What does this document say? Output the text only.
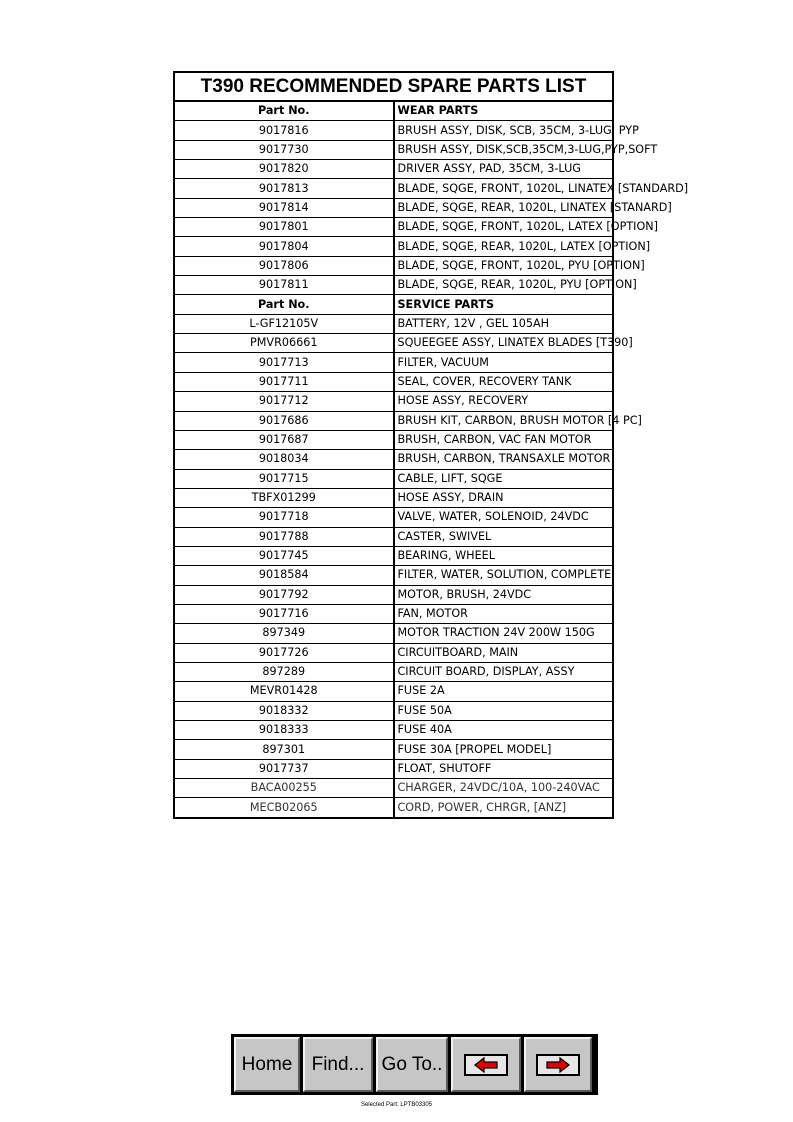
T390 RECOMMENDED SPARE PARTS LIST	
Part No.	WEAR PARTS
9017816	BRUSH ASSY, DISK, SCB, 35CM, 3-LUG, PYP
9017730	BRUSH ASSY, DISK,SCB,35CM,3-LUG,PYP,SOFT
9017820	DRIVER ASSY, PAD, 35CM, 3-LUG
9017813	BLADE, SQGE, FRONT, 1020L, LINATEX [STANDARD]
9017814	BLADE, SQGE, REAR, 1020L, LINATEX [STANARD]
9017801	BLADE, SQGE, FRONT, 1020L, LATEX [OPTION]
9017804	BLADE, SQGE, REAR, 1020L, LATEX [OPTION]
9017806	BLADE, SQGE, FRONT, 1020L, PYU [OPTION]
9017811	BLADE, SQGE, REAR, 1020L, PYU [OPTION]
Part No.	SERVICE PARTS
L-GF12105V	BATTERY, 12V , GEL 105AH
PMVR06661	SQUEEGEE ASSY, LINATEX BLADES [T390]
9017713	FILTER, VACUUM
9017711	SEAL, COVER, RECOVERY TANK
9017712	HOSE ASSY, RECOVERY
9017686	BRUSH KIT, CARBON, BRUSH MOTOR [4 PC]
9017687	BRUSH, CARBON, VAC FAN MOTOR
9018034	BRUSH, CARBON, TRANSAXLE MOTOR
9017715	CABLE, LIFT, SQGE
TBFX01299	HOSE ASSY, DRAIN
9017718	VALVE, WATER, SOLENOID, 24VDC
9017788	CASTER, SWIVEL
9017745	BEARING, WHEEL
9018584	FILTER, WATER, SOLUTION, COMPLETE
9017792	MOTOR, BRUSH, 24VDC
9017716	FAN, MOTOR
897349	MOTOR TRACTION 24V 200W 150G
9017726	CIRCUITBOARD, MAIN
897289	CIRCUIT BOARD, DISPLAY, ASSY
MEVR01428	FUSE 2A
9018332	FUSE 50A
9018333	FUSE 40A
897301	FUSE 30A [PROPEL MODEL]
9017737	FLOAT, SHUTOFF
BACA00255	CHARGER, 24VDC/10A, 100-240VAC
MECB02065	CORD, POWER, CHRGR, [ANZ]
Home	Find... Go To..
Selected Part: LPTB03305
